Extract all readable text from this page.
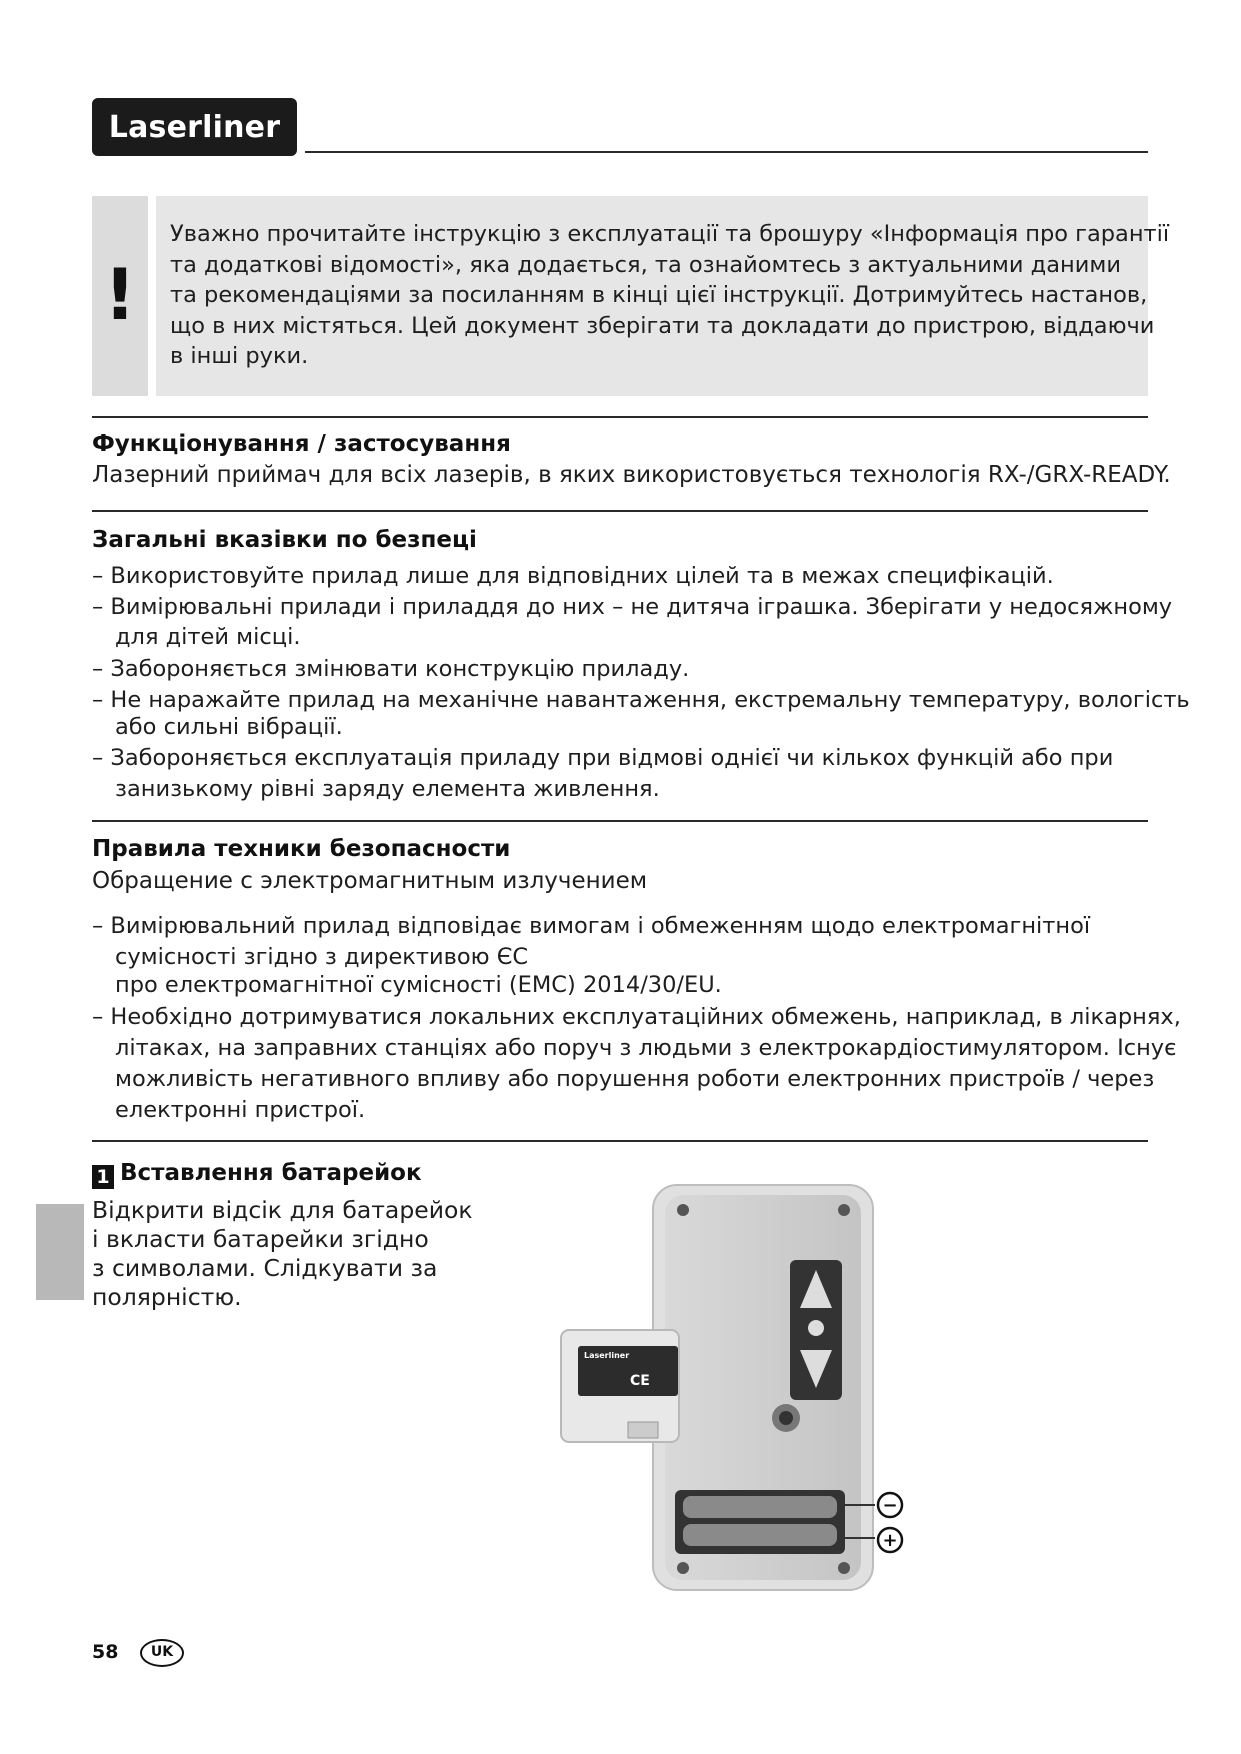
Laserliner
!
Уважно прочитайте інструкцію з експлуатації та брошуру «Інформація про гарантії
та додаткові відомості», яка додається, та ознайомтесь з актуальними даними
та рекомендаціями за посиланням в кінці цієї інструкції. Дотримуйтесь настанов,
що в них містяться. Цей документ зберігати та докладати до пристрою, віддаючи
в інші руки.
Функціонування / застосування
Лазерний приймач для всіх лазерів, в яких використовується технологія RX-/GRX-READY.
Загальні вказівки по безпеці
– Використовуйте прилад лише для відповідних цілей та в межах специфікацій.
– Вимірювальні прилади і приладдя до них – не дитяча іграшка. Зберігати у недосяжному
для дітей місці.
– Забороняється змінювати конструкцію приладу.
– Не наражайте прилад на механічне навантаження, екстремальну температуру, вологість
або сильні вібрації.
– Забороняється експлуатація приладу при відмові однієї чи кількох функцій або при
занизькому рівні заряду елемента живлення.
Правила техники безопасности
Обращение с электромагнитным излучением
– Вимірювальний прилад відповідає вимогам і обмеженням щодо електромагнітної
сумісності згідно з директивою ЄС
про електромагнітної сумісності (EMC) 2014/30/EU.
– Необхідно дотримуватися локальних експлуатаційних обмежень, наприклад, в лікарнях,
літаках, на заправних станціях або поруч з людьми з електрокардіостимулятором. Існує
можливість негативного впливу або порушення роботи електронних пристроїв / через
електронні пристрої.
1 Вставлення батарейок
Відкрити відсік для батарейок
і вкласти батарейки згідно
з символами. Слідкувати за
полярністю.
Laserliner
CE
−
+
58	UK
